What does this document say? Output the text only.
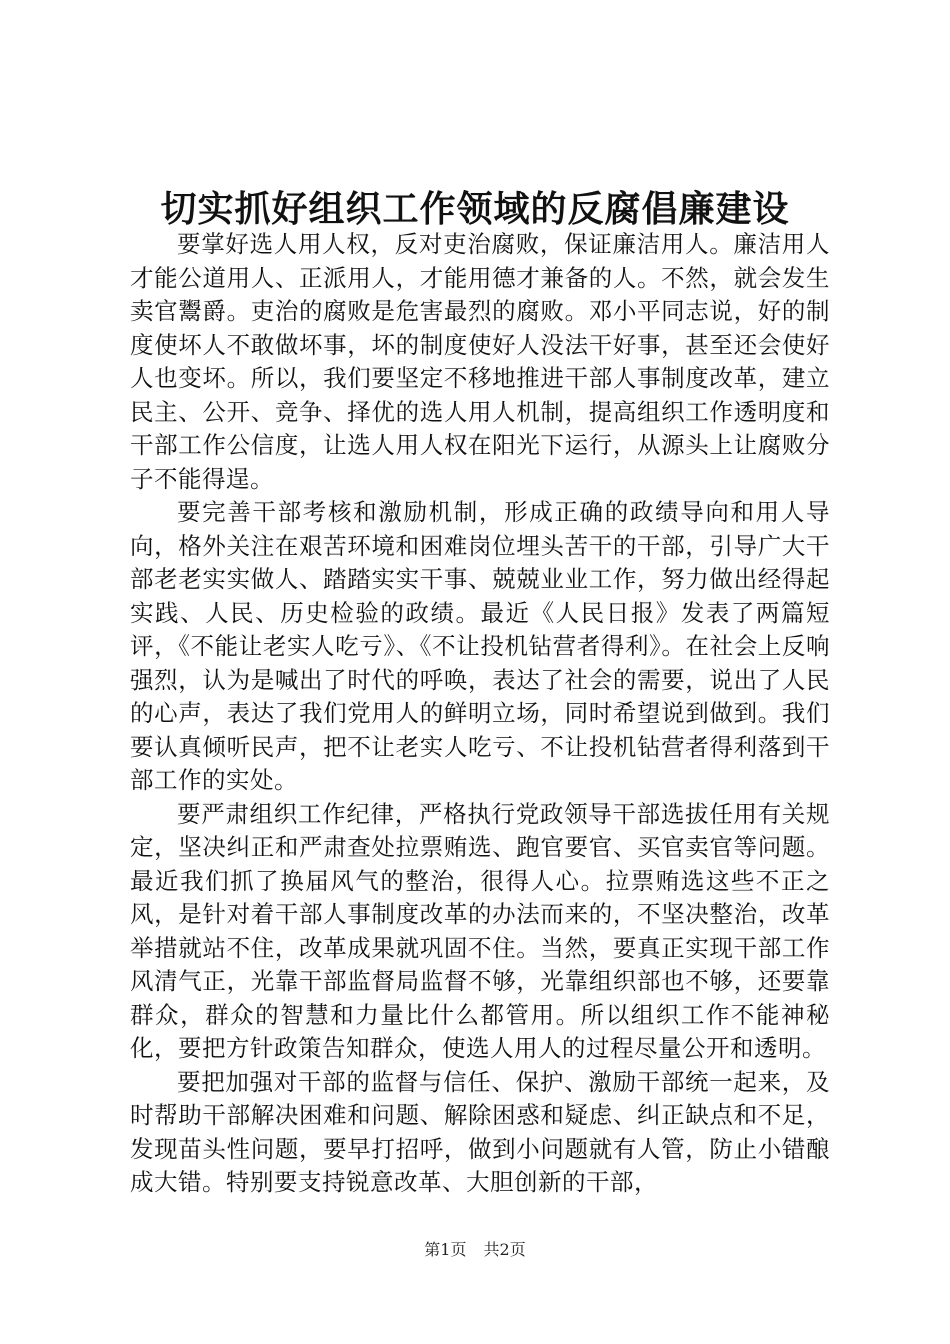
切实抓好组织工作领域的反腐倡廉建设

要掌好选人用人权，反对吏治腐败，保证廉洁用人。廉洁用人才能公道用人、正派用人，才能用德才兼备的人。不然，就会发生卖官鬻爵。吏治的腐败是危害最烈的腐败。邓小平同志说，好的制度使坏人不敢做坏事，坏的制度使好人没法干好事，甚至还会使好人也变坏。所以，我们要坚定不移地推进干部人事制度改革，建立民主、公开、竞争、择优的选人用人机制，提高组织工作透明度和干部工作公信度，让选人用人权在阳光下运行，从源头上让腐败分子不能得逞。

要完善干部考核和激励机制，形成正确的政绩导向和用人导向，格外关注在艰苦环境和困难岗位埋头苦干的干部，引导广大干部老老实实做人、踏踏实实干事、兢兢业业工作，努力做出经得起实践、人民、历史检验的政绩。最近《人民日报》发表了两篇短评，《不能让老实人吃亏》、《不让投机钻营者得利》。在社会上反响强烈，认为是喊出了时代的呼唤，表达了社会的需要，说出了人民的心声，表达了我们党用人的鲜明立场，同时希望说到做到。我们要认真倾听民声，把不让老实人吃亏、不让投机钻营者得利落到干部工作的实处。

要严肃组织工作纪律，严格执行党政领导干部选拔任用有关规定，坚决纠正和严肃查处拉票贿选、跑官要官、买官卖官等问题。最近我们抓了换届风气的整治，很得人心。拉票贿选这些不正之风，是针对着干部人事制度改革的办法而来的，不坚决整治，改革举措就站不住，改革成果就巩固不住。当然，要真正实现干部工作风清气正，光靠干部监督局监督不够，光靠组织部也不够，还要靠群众，群众的智慧和力量比什么都管用。所以组织工作不能神秘化，要把方针政策告知群众，使选人用人的过程尽量公开和透明。

要把加强对干部的监督与信任、保护、激励干部统一起来，及时帮助干部解决困难和问题、解除困惑和疑虑、纠正缺点和不足，发现苗头性问题，要早打招呼，做到小问题就有人管，防止小错酿成大错。特别要支持锐意改革、大胆创新的干部，

第1页 共2页
